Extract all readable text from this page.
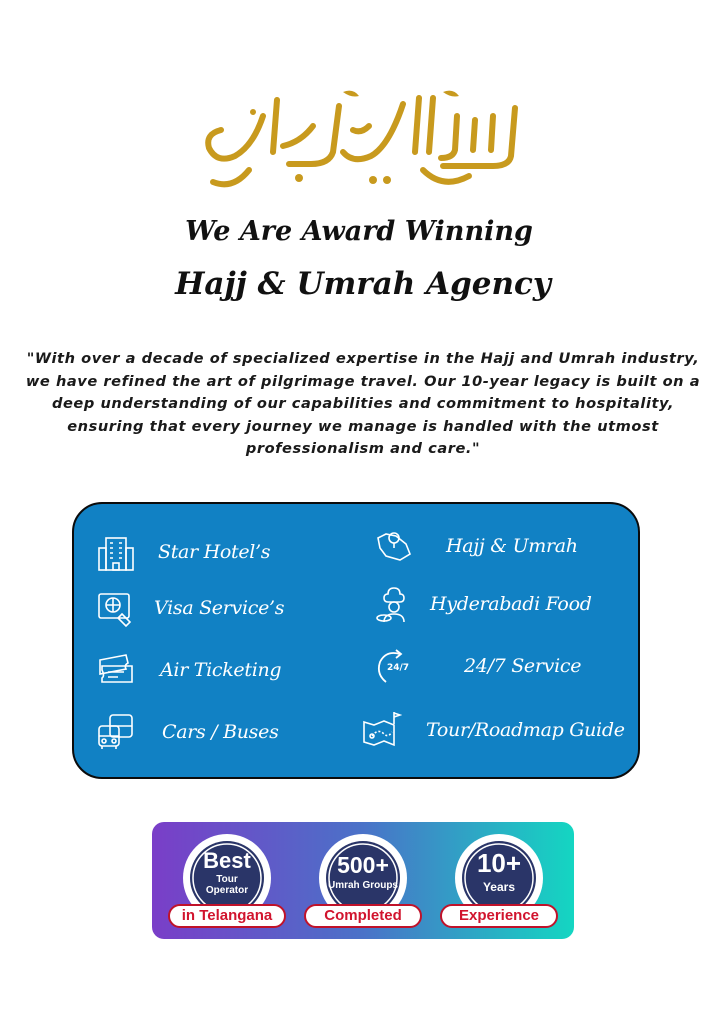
We Are Award Winning
Hajj & Umrah Agency
"With over a decade of specialized expertise in the Hajj and Umrah industry,
we have refined the art of pilgrimage travel. Our 10-year legacy is built on a
deep understanding of our capabilities and commitment to hospitality,
ensuring that every journey we manage is handled with the utmost
professionalism and care."
Star Hotel’s
Visa Service’s
Air Ticketing
Cars / Buses
Hajj & Umrah
Hyderabadi Food
24/7	24/7 Service
Tour/Roadmap Guide
Best
Tour
Operator
in Telangana
500+
Umrah Groups
Completed
10+
Years
Experience
